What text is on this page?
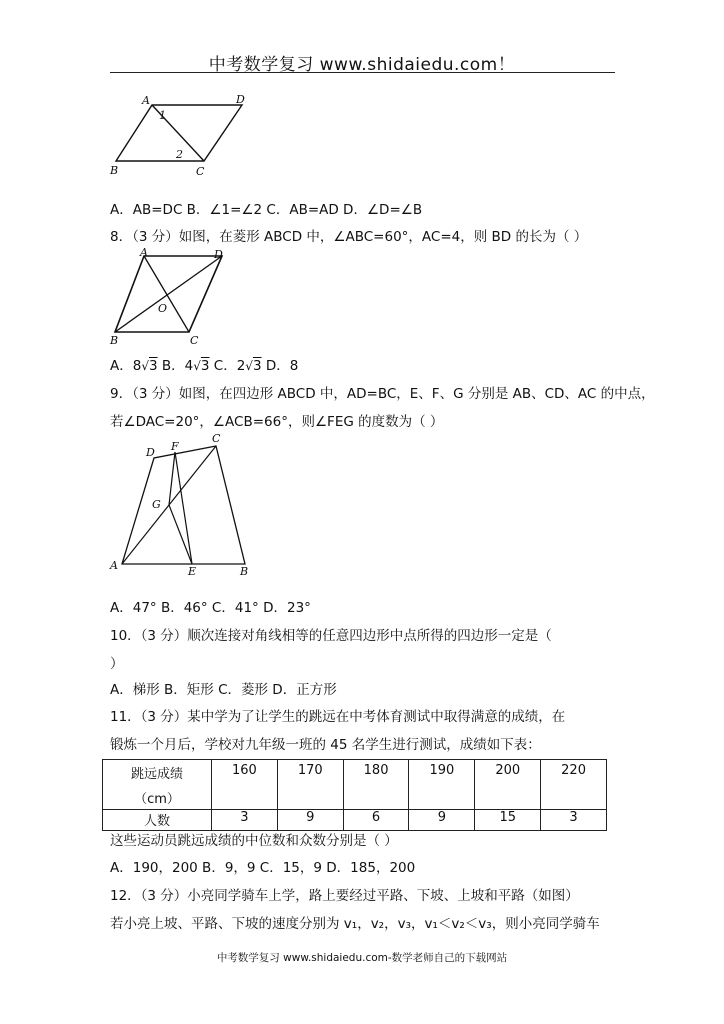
中考数学复习 www.shidaiedu.com！
A	D
B	C
1
2
A．AB=DC B．∠1=∠2 C．AB=AD D．∠D=∠B
8．（3 分）如图，在菱形 ABCD 中，∠ABC=60°，AC=4，则 BD 的长为（ ）
A	D
B	C
O
A．8√3 B．4√3 C．2√3 D．8
9．（3 分）如图，在四边形 ABCD 中，AD=BC，E、F、G 分别是 AB、CD、AC 的中点，
若∠DAC=20°，∠ACB=66°，则∠FEG 的度数为（ ）
D F
C
G
A	E	B
A．47° B．46° C．41° D．23°
10．（3 分）顺次连接对角线相等的任意四边形中点所得的四边形一定是（
）
A．梯形 B．矩形 C．菱形 D．正方形
11．（3 分）某中学为了让学生的跳远在中考体育测试中取得满意的成绩，在
锻炼一个月后，学校对九年级一班的 45 名学生进行测试，成绩如下表：
跳远成绩
（cm）	160	170	180	190	200	220
人数	3	9	6	9	15	3
这些运动员跳远成绩的中位数和众数分别是（ ）
A．190，200 B．9，9 C．15，9 D．185，200
12．（3 分）小亮同学骑车上学，路上要经过平路、下坡、上坡和平路（如图）
若小亮上坡、平路、下坡的速度分别为 v₁，v₂，v₃，v₁＜v₂＜v₃，则小亮同学骑车
中考数学复习 www.shidaiedu.com-数学老师自己的下载网站
